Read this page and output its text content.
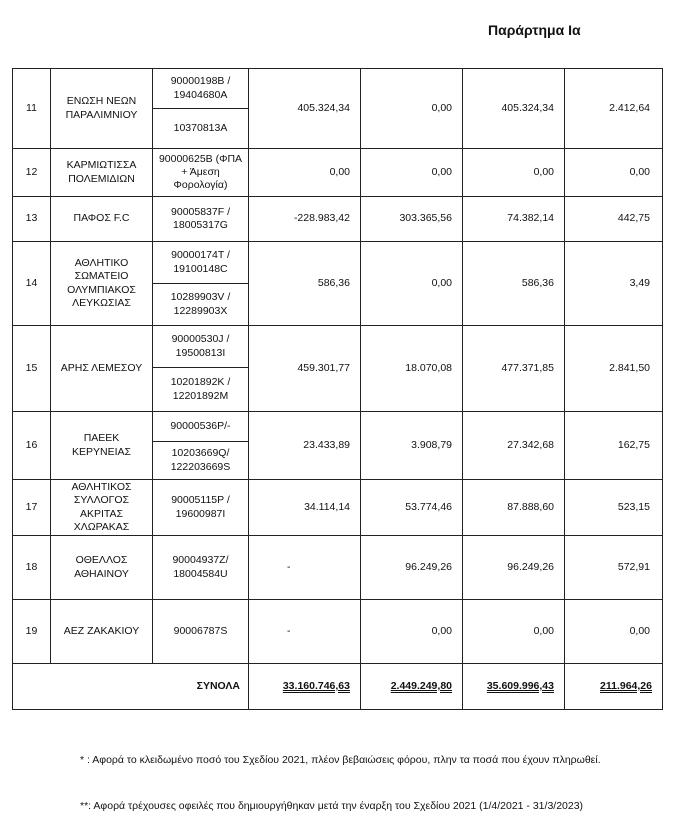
Παράρτημα Ια
11	ΕΝΩΣΗ ΝΕΩΝ ΠΑΡΑΛΙΜΝΙΟΥ	90000198B / 19404680A	405.324,34	0,00	405.324,34	2.412,64
		10370813A				
12	ΚΑΡΜΙΩΤΙΣΣΑ ΠΟΛΕΜΙΔΙΩΝ	90000625B (ΦΠΑ + Άμεση Φορολογία)	0,00	0,00	0,00	0,00
13	ΠΑΦΟΣ F.C	90005837F / 18005317G	-228.983,42	303.365,56	74.382,14	442,75
14	ΑΘΛΗΤΙΚΟ ΣΩΜΑΤΕΙΟ ΟΛΥΜΠΙΑΚΟΣ ΛΕΥΚΩΣΙΑΣ	90000174T / 19100148C	586,36	0,00	586,36	3,49
		10289903V / 12289903X				
15	ΑΡΗΣ ΛΕΜΕΣΟΥ	90000530J / 19500813I	459.301,77	18.070,08	477.371,85	2.841,50
		10201892K / 12201892M				
16	ΠΑΕΕΚ ΚΕΡΥΝΕΙΑΣ	90000536P/-	23.433,89	3.908,79	27.342,68	162,75
		10203669Q/ 122203669S				
17	ΑΘΛΗΤΙΚΟΣ ΣΥΛΛΟΓΟΣ ΑΚΡΙΤΑΣ ΧΛΩΡΑΚΑΣ	90005115P / 19600987I	34.114,14	53.774,46	87.888,60	523,15
18	ΟΘΕΛΛΟΣ ΑΘΗΑΙΝΟΥ	90004937Z/ 18004584U	-	96.249,26	96.249,26	572,91
19	ΑΕΖ ΖΑΚΑΚΙΟΥ	90006787S	-	0,00	0,00	0,00
ΣΥΝΟΛΑ			33.160.746,63	2.449.249,80	35.609.996,43	211.964,26
* : Αφορά το κλειδωμένο ποσό του Σχεδίου 2021, πλέον βεβαιώσεις φόρου, πλην τα ποσά που έχουν πληρωθεί.
**: Αφορά τρέχουσες οφειλές που δημιουργήθηκαν μετά την έναρξη του Σχεδίου 2021 (1/4/2021 - 31/3/2023)
